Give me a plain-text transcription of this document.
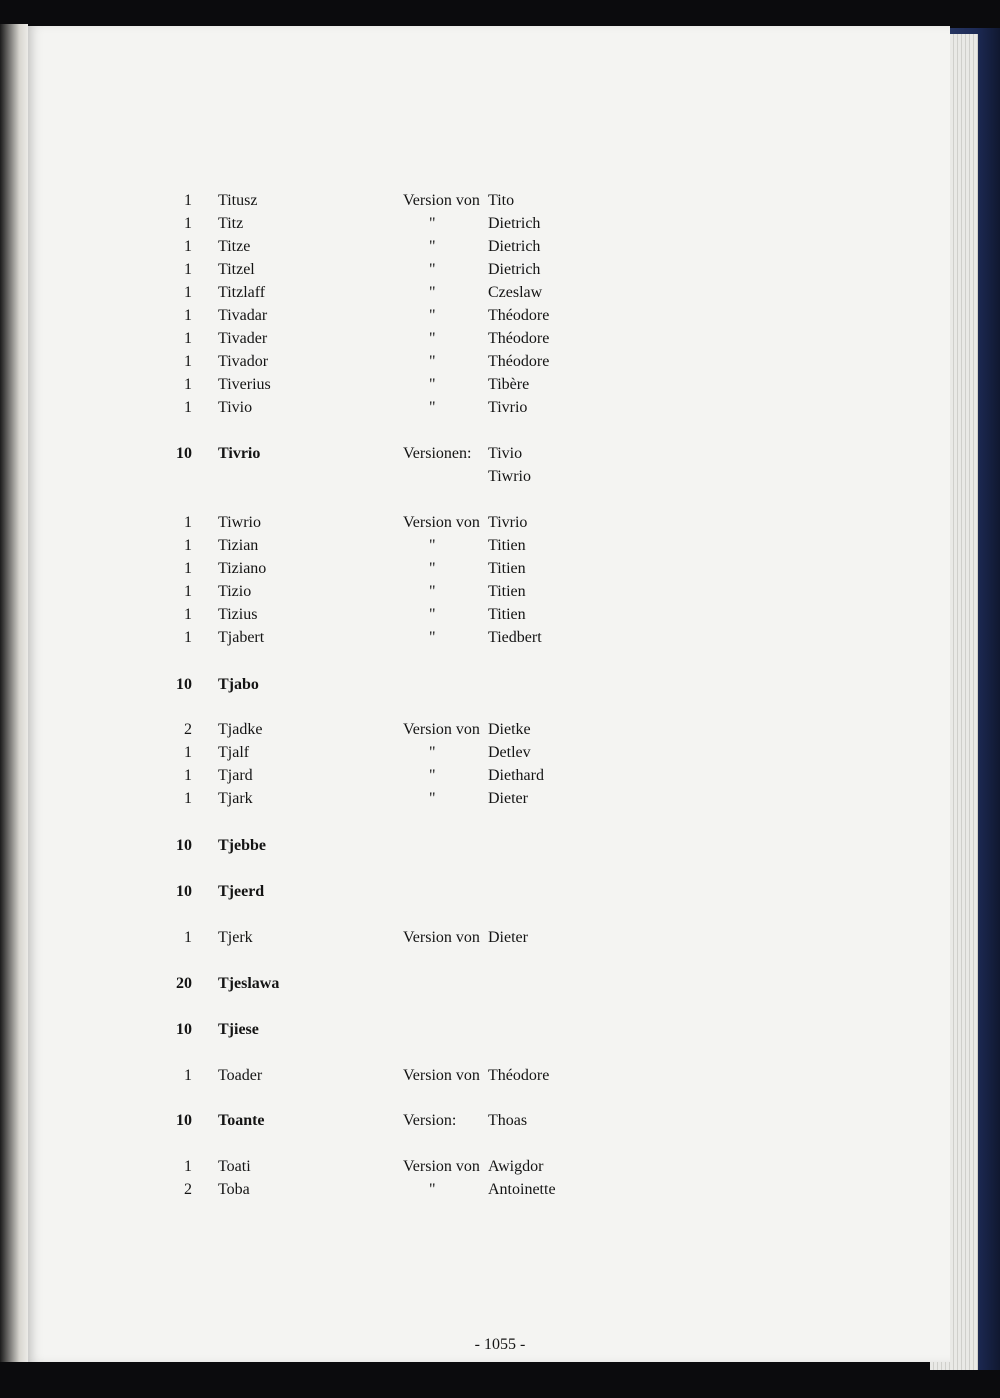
1 Titusz	Version von Tito
1 Titz	"	Dietrich
1 Titze	"	Dietrich
1 Titzel	"	Dietrich
1 Titzlaff	"	Czeslaw
1 Tivadar	"	Théodore
1 Tivader	"	Théodore
1 Tivador	"	Théodore
1 Tiverius	"	Tibère
1 Tivio	"	Tivrio
10 Tivrio	Versionen: Tivio
Tiwrio
1 Tiwrio	Version von Tivrio
1 Tizian	"	Titien
1 Tiziano	"	Titien
1 Tizio	"	Titien
1 Tizius	"	Titien
1 Tjabert	"	Tiedbert
10 Tjabo
2 Tjadke	Version von Dietke
1 Tjalf	"	Detlev
1 Tjard	"	Diethard
1 Tjark	"	Dieter
10 Tjebbe
10 Tjeerd
1 Tjerk	Version von Dieter
20 Tjeslawa
10 Tjiese
1 Toader	Version von Théodore
10 Toante	Version: Thoas
1 Toati	Version von Awigdor
2 Toba	"	Antoinette
- 1055 -
